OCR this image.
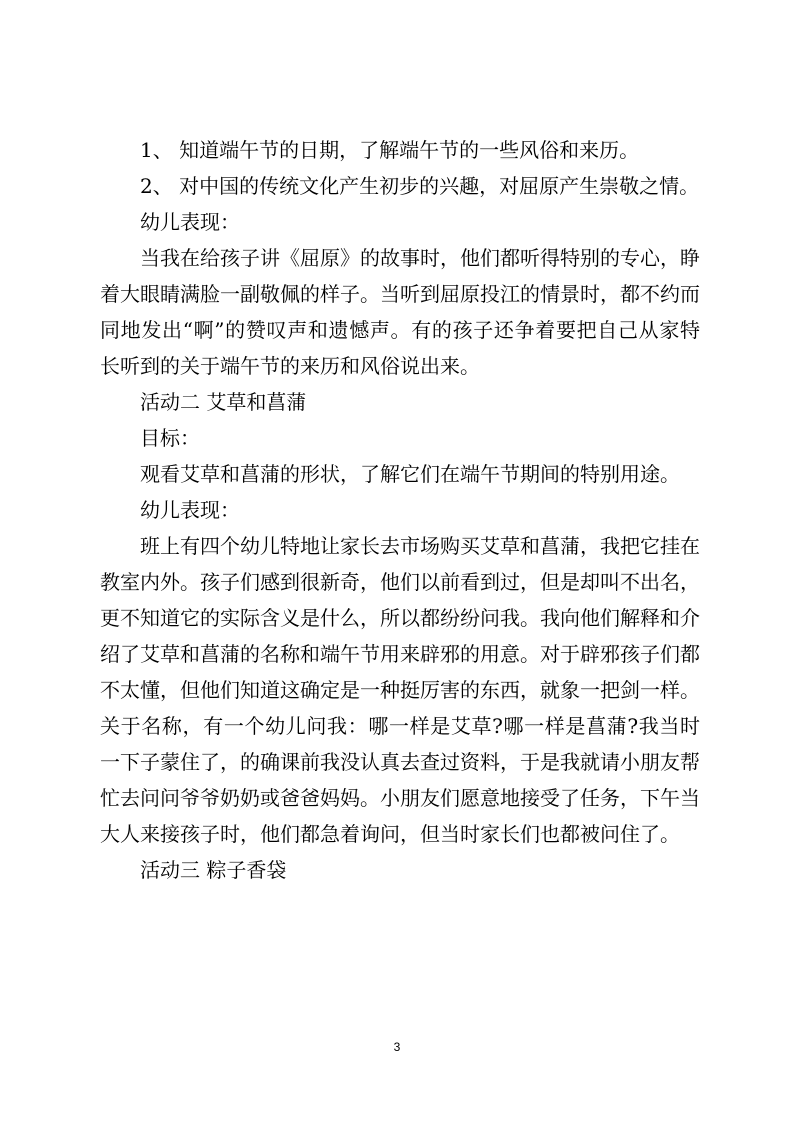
1、 知道端午节的日期，了解端午节的一些风俗和来历。

2、 对中国的传统文化产生初步的兴趣，对屈原产生崇敬之情。

幼儿表现：

当我在给孩子讲《屈原》的故事时，他们都听得特别的专心，睁着大眼睛满脸一副敬佩的样子。当听到屈原投江的情景时，都不约而同地发出“啊”的赞叹声和遗憾声。有的孩子还争着要把自己从家特长听到的关于端午节的来历和风俗说出来。

活动二 艾草和菖蒲

目标：

观看艾草和菖蒲的形状，了解它们在端午节期间的特别用途。

幼儿表现：

班上有四个幼儿特地让家长去市场购买艾草和菖蒲，我把它挂在教室内外。孩子们感到很新奇，他们以前看到过，但是却叫不出名，更不知道它的实际含义是什么，所以都纷纷问我。我向他们解释和介绍了艾草和菖蒲的名称和端午节用来辟邪的用意。对于辟邪孩子们都不太懂，但他们知道这确定是一种挺厉害的东西，就象一把剑一样。关于名称，有一个幼儿问我：哪一样是艾草?哪一样是菖蒲?我当时一下子蒙住了，的确课前我没认真去查过资料，于是我就请小朋友帮忙去问问爷爷奶奶或爸爸妈妈。小朋友们愿意地接受了任务，下午当大人来接孩子时，他们都急着询问，但当时家长们也都被问住了。

活动三 粽子香袋

3
